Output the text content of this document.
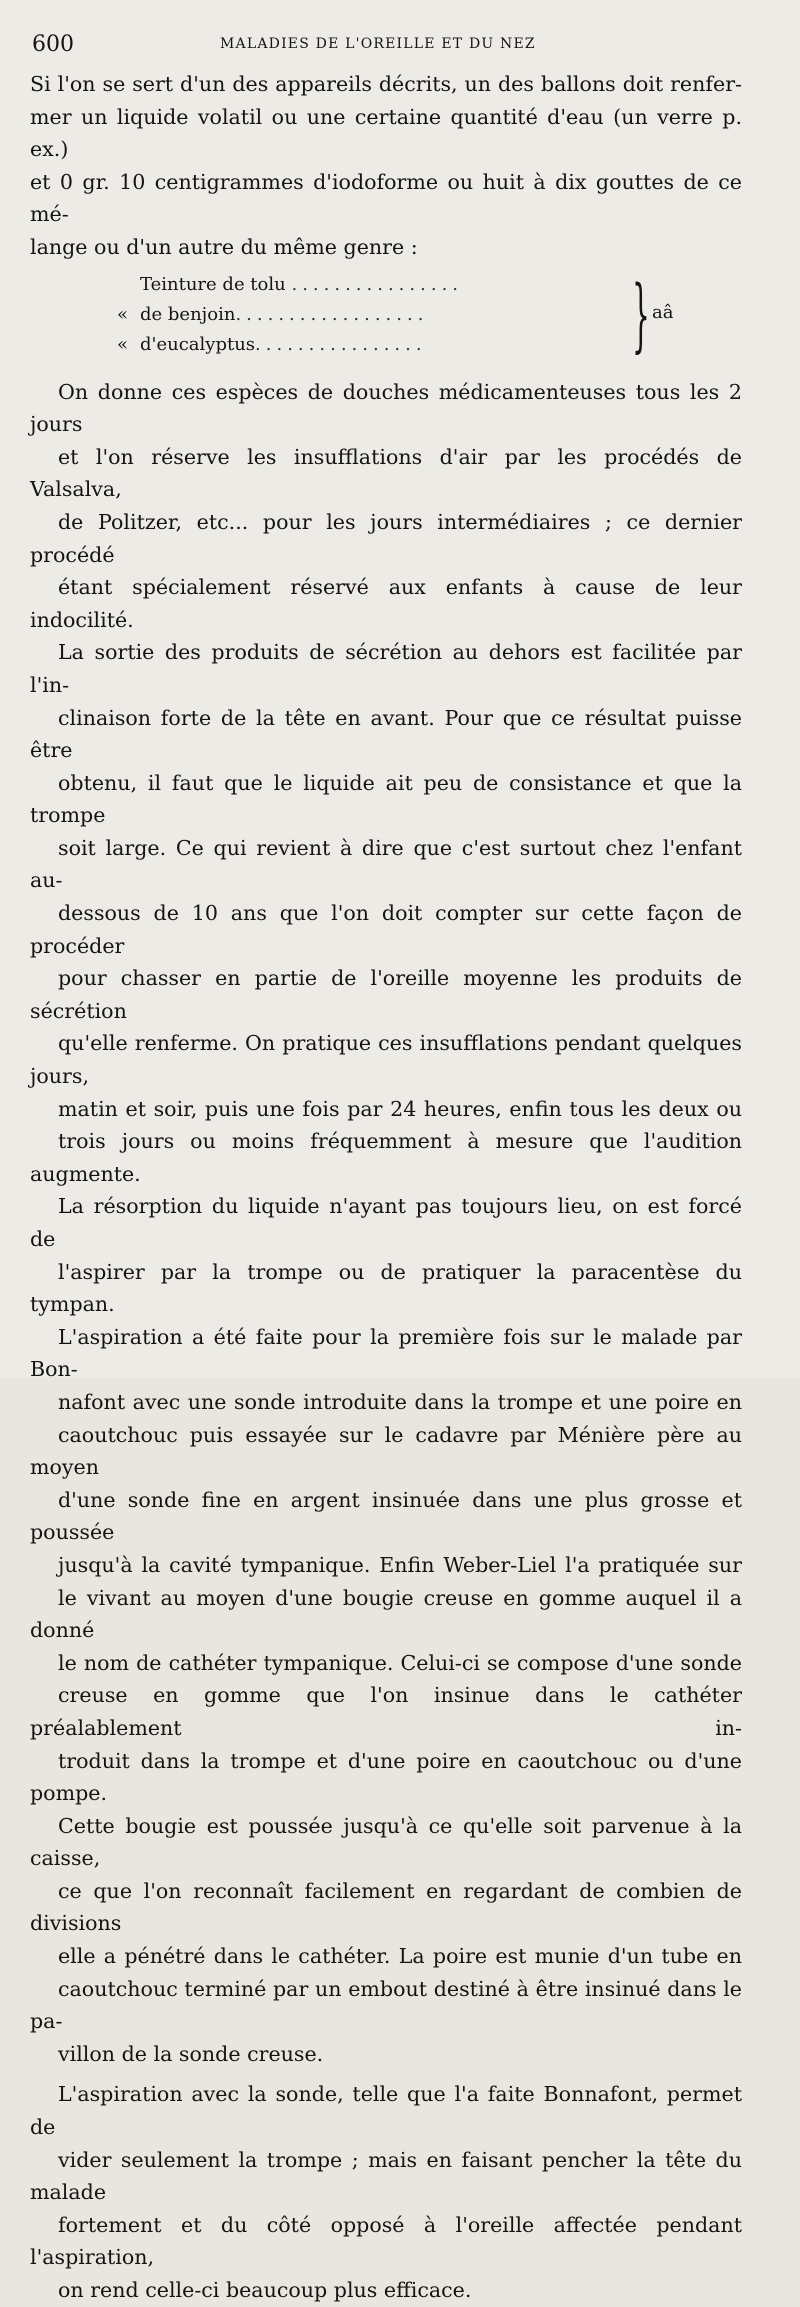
600	MALADIES DE L'OREILLE ET DU NEZ

Si l'on se sert d'un des appareils décrits, un des ballons doit renfer-
mer un liquide volatil ou une certaine quantité d'eau (un verre p. ex.)
et 0 gr. 10 centigrammes d'iodoforme ou huit à dix gouttes de ce mé-
lange ou d'un autre du même genre :

Teinture de tolu ................
« de benjoin..................
« d'eucalyptus................	} aâ

On donne ces espèces de douches médicamenteuses tous les 2 jours
et l'on réserve les insufflations d'air par les procédés de Valsalva,
de Politzer, etc... pour les jours intermédiaires ; ce dernier procédé
étant spécialement réservé aux enfants à cause de leur indocilité.

La sortie des produits de sécrétion au dehors est facilitée par l'in-
clinaison forte de la tête en avant. Pour que ce résultat puisse être
obtenu, il faut que le liquide ait peu de consistance et que la trompe
soit large. Ce qui revient à dire que c'est surtout chez l'enfant au-
dessous de 10 ans que l'on doit compter sur cette façon de procéder
pour chasser en partie de l'oreille moyenne les produits de sécrétion
qu'elle renferme. On pratique ces insufflations pendant quelques jours,
matin et soir, puis une fois par 24 heures, enfin tous les deux ou
trois jours ou moins fréquemment à mesure que l'audition augmente.

La résorption du liquide n'ayant pas toujours lieu, on est forcé de
l'aspirer par la trompe ou de pratiquer la paracentèse du tympan.

L'aspiration a été faite pour la première fois sur le malade par Bon-
nafont avec une sonde introduite dans la trompe et une poire en
caoutchouc puis essayée sur le cadavre par Ménière père au moyen
d'une sonde fine en argent insinuée dans une plus grosse et poussée
jusqu'à la cavité tympanique. Enfin Weber-Liel l'a pratiquée sur
le vivant au moyen d'une bougie creuse en gomme auquel il a donné
le nom de cathéter tympanique. Celui-ci se compose d'une sonde
creuse en gomme que l'on insinue dans le cathéter préalablement in-
troduit dans la trompe et d'une poire en caoutchouc ou d'une pompe.
Cette bougie est poussée jusqu'à ce qu'elle soit parvenue à la caisse,
ce que l'on reconnaît facilement en regardant de combien de divisions
elle a pénétré dans le cathéter. La poire est munie d'un tube en
caoutchouc terminé par un embout destiné à être insinué dans le pa-
villon de la sonde creuse.

L'aspiration avec la sonde, telle que l'a faite Bonnafont, permet de
vider seulement la trompe ; mais en faisant pencher la tête du malade
fortement et du côté opposé à l'oreille affectée pendant l'aspiration,
on rend celle-ci beaucoup plus efficace.
